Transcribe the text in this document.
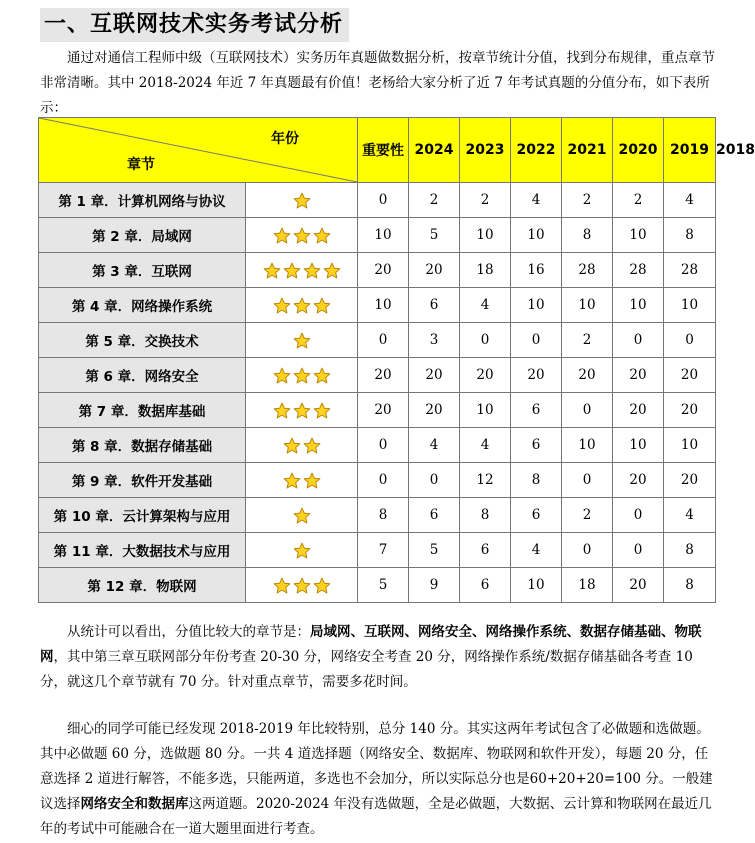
一、互联网技术实务考试分析

通过对通信工程师中级（互联网技术）实务历年真题做数据分析，按章节统计分值，找到分布规律，重点章节非常清晰。其中 2018-2024 年近 7 年真题最有价值！老杨给大家分析了近 7 年考试真题的分值分布，如下表所示：

年份
章节		重要性	2024	2023	2022	2021	2020	2019	2018
第 1 章．计算机网络与协议		0	2	2	4	2	2	4	
第 2 章．局域网		10	5	10	10	8	10	8	
第 3 章．互联网		20	20	18	16	28	28	28	
第 4 章．网络操作系统		10	6	4	10	10	10	10	
第 5 章．交换技术		0	3	0	0	2	0	0	
第 6 章．网络安全		20	20	20	20	20	20	20	
第 7 章．数据库基础		20	20	10	6	0	20	20	
第 8 章．数据存储基础		0	4	4	6	10	10	10	
第 9 章．软件开发基础		0	0	12	8	0	20	20	
第 10 章．云计算架构与应用		8	6	8	6	2	0	4	
第 11 章．大数据技术与应用		7	5	6	4	0	0	8	
第 12 章．物联网		5	9	6	10	18	20	8	

从统计可以看出，分值比较大的章节是：局域网、互联网、网络安全、网络操作系统、数据存储基础、物联网，其中第三章互联网部分年份考查 20-30 分，网络安全考查 20 分，网络操作系统/数据存储基础各考查 10 分，就这几个章节就有 70 分。针对重点章节，需要多花时间。

细心的同学可能已经发现 2018-2019 年比较特别，总分 140 分。其实这两年考试包含了必做题和选做题。其中必做题 60 分，选做题 80 分。一共 4 道选择题（网络安全、数据库、物联网和软件开发），每题 20 分，任意选择 2 道进行解答，不能多选，只能两道，多选也不会加分，所以实际总分也是60+20+20=100 分。一般建议选择网络安全和数据库这两道题。2020-2024 年没有选做题，全是必做题，大数据、云计算和物联网在最近几年的考试中可能融合在一道大题里面进行考查。
